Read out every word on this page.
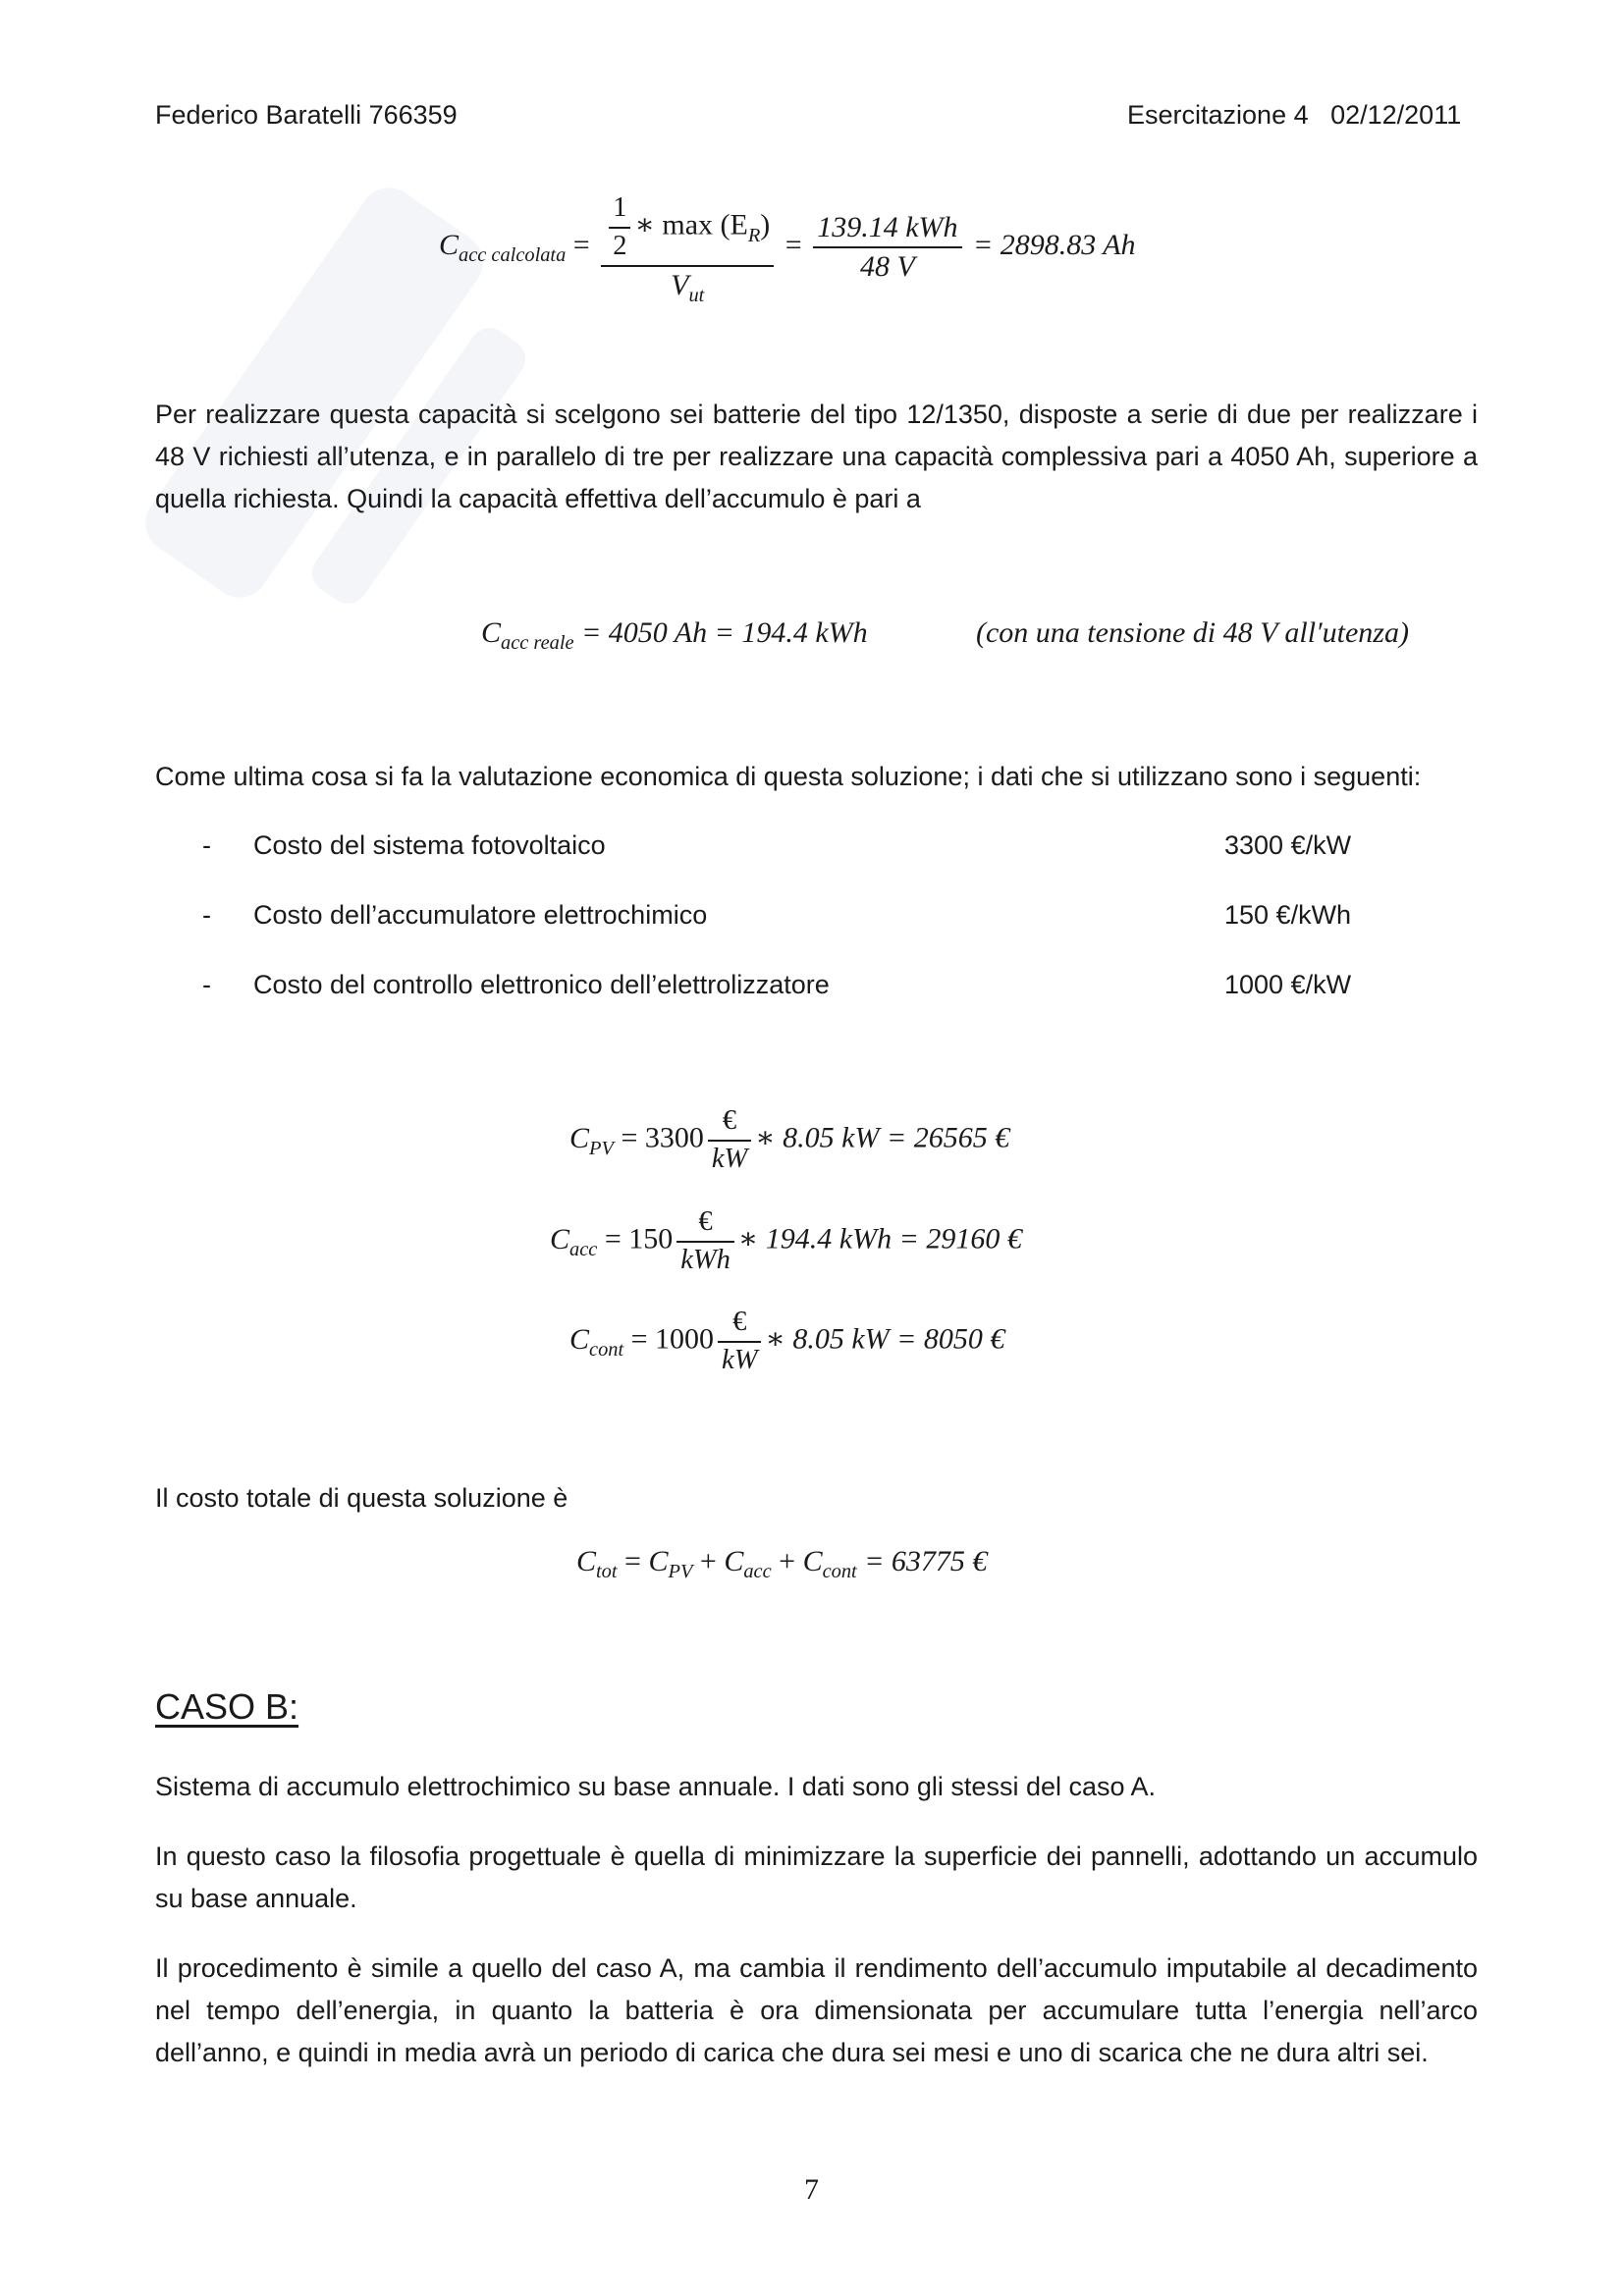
Federico Baratelli 766359	Esercitazione 4   02/12/2011
$C_{acc calcolata} = \frac{\frac{1}{2} ∗ \max (E_R)}{V_{ut}} = \frac{\text{139.14 kWh}}{48 V} = 2898.83$ Ah
Per realizzare questa capacità si scelgono sei batterie del tipo 12/1350, disposte a serie di due per realizzare i 48 V richiesti all’utenza, e in parallelo di tre per realizzare una capacità complessiva pari a 4050 Ah, superiore a quella richiesta. Quindi la capacità effettiva dell’accumulo è pari a
$C_{acc reale} = 4050$ Ah = 194.4 kWh	(con una tensione di 48 V all′utenza)
Come ultima cosa si fa la valutazione economica di questa soluzione; i dati che si utilizzano sono i seguenti:
- Costo del sistema fotovoltaico	3300 €/kW
- Costo dell’accumulatore elettrochimico	150 €/kWh
- Costo del controllo elettronico dell’elettrolizzatore	1000 €/kW
$C_{PV} = 3300 \frac{€}{kW}$ ∗ 8.05 kW = 26565 €
$C_{acc} = 150 \frac{€}{\text{kWh}}$ ∗ 194.4 kWh = 29160 €
$C_{cont} = 1000 \frac{€}{kW}$ ∗ 8.05 kW = 8050 €
Il costo totale di questa soluzione è
$C_{tot} = C_{PV} + C_{acc} + C_{cont} = 63775$ €
CASO B:
Sistema di accumulo elettrochimico su base annuale. I dati sono gli stessi del caso A.
In questo caso la filosofia progettuale è quella di minimizzare la superficie dei pannelli, adottando un accumulo su base annuale.
Il procedimento è simile a quello del caso A, ma cambia il rendimento dell’accumulo imputabile al decadimento nel tempo dell’energia, in quanto la batteria è ora dimensionata per accumulare tutta l’energia nell’arco dell’anno, e quindi in media avrà un periodo di carica che dura sei mesi e uno di scarica che ne dura altri sei.
7
